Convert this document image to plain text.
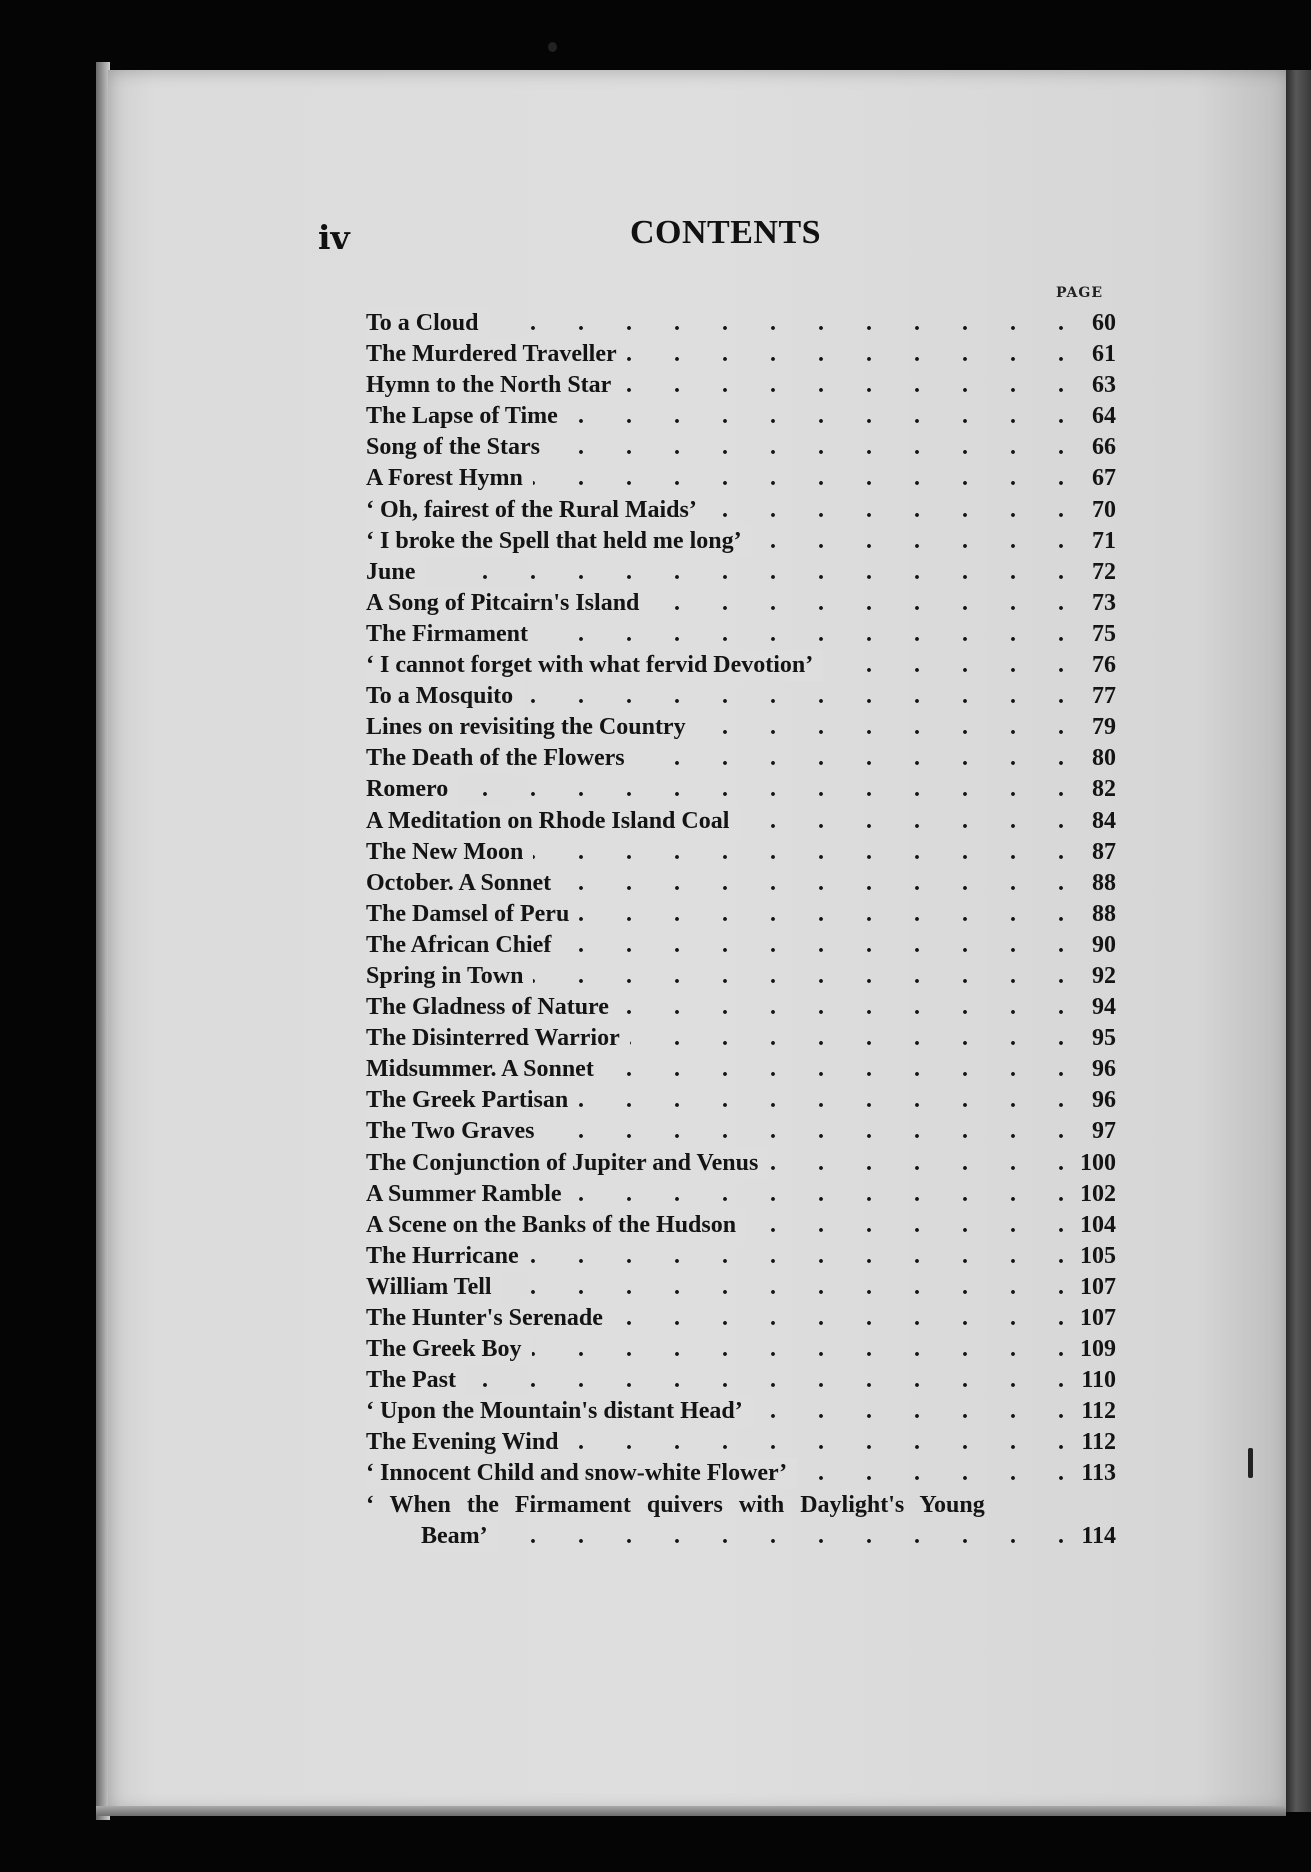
iv	CONTENTS
PAGE
.
To a Cloud	60
.
The Murdered Traveller	61
.
Hymn to the North Star	63
.
The Lapse of Time	64
.
Song of the Stars	66
.
A Forest Hymn	67
.
‘ Oh, fairest of the Rural Maids’	70
.
‘ I broke the Spell that held me long’	71
.
June	72
.
A Song of Pitcairn's Island	73
.
The Firmament	75
.
‘ I cannot forget with what fervid Devotion’	76
.
To a Mosquito	77
.
Lines on revisiting the Country	79
.
The Death of the Flowers	80
.
Romero	82
.
A Meditation on Rhode Island Coal	84
.
The New Moon	87
.
October. A Sonnet	88
.
The Damsel of Peru	88
.
The African Chief	90
.
Spring in Town	92
.
The Gladness of Nature	94
.
The Disinterred Warrior	95
.
Midsummer. A Sonnet	96
.
The Greek Partisan	96
.
The Two Graves	97
.
The Conjunction of Jupiter and Venus	100
.
A Summer Ramble	102
.
A Scene on the Banks of the Hudson	104
.
The Hurricane	105
.
William Tell	107
.
The Hunter's Serenade	107
.
The Greek Boy	109
.
The Past	110
.
‘ Upon the Mountain's distant Head’	112
.
The Evening Wind	112
.
‘ Innocent Child and snow-white Flower’	113
‘ When the Firmament quivers with Daylight's Young
.
Beam’	114
